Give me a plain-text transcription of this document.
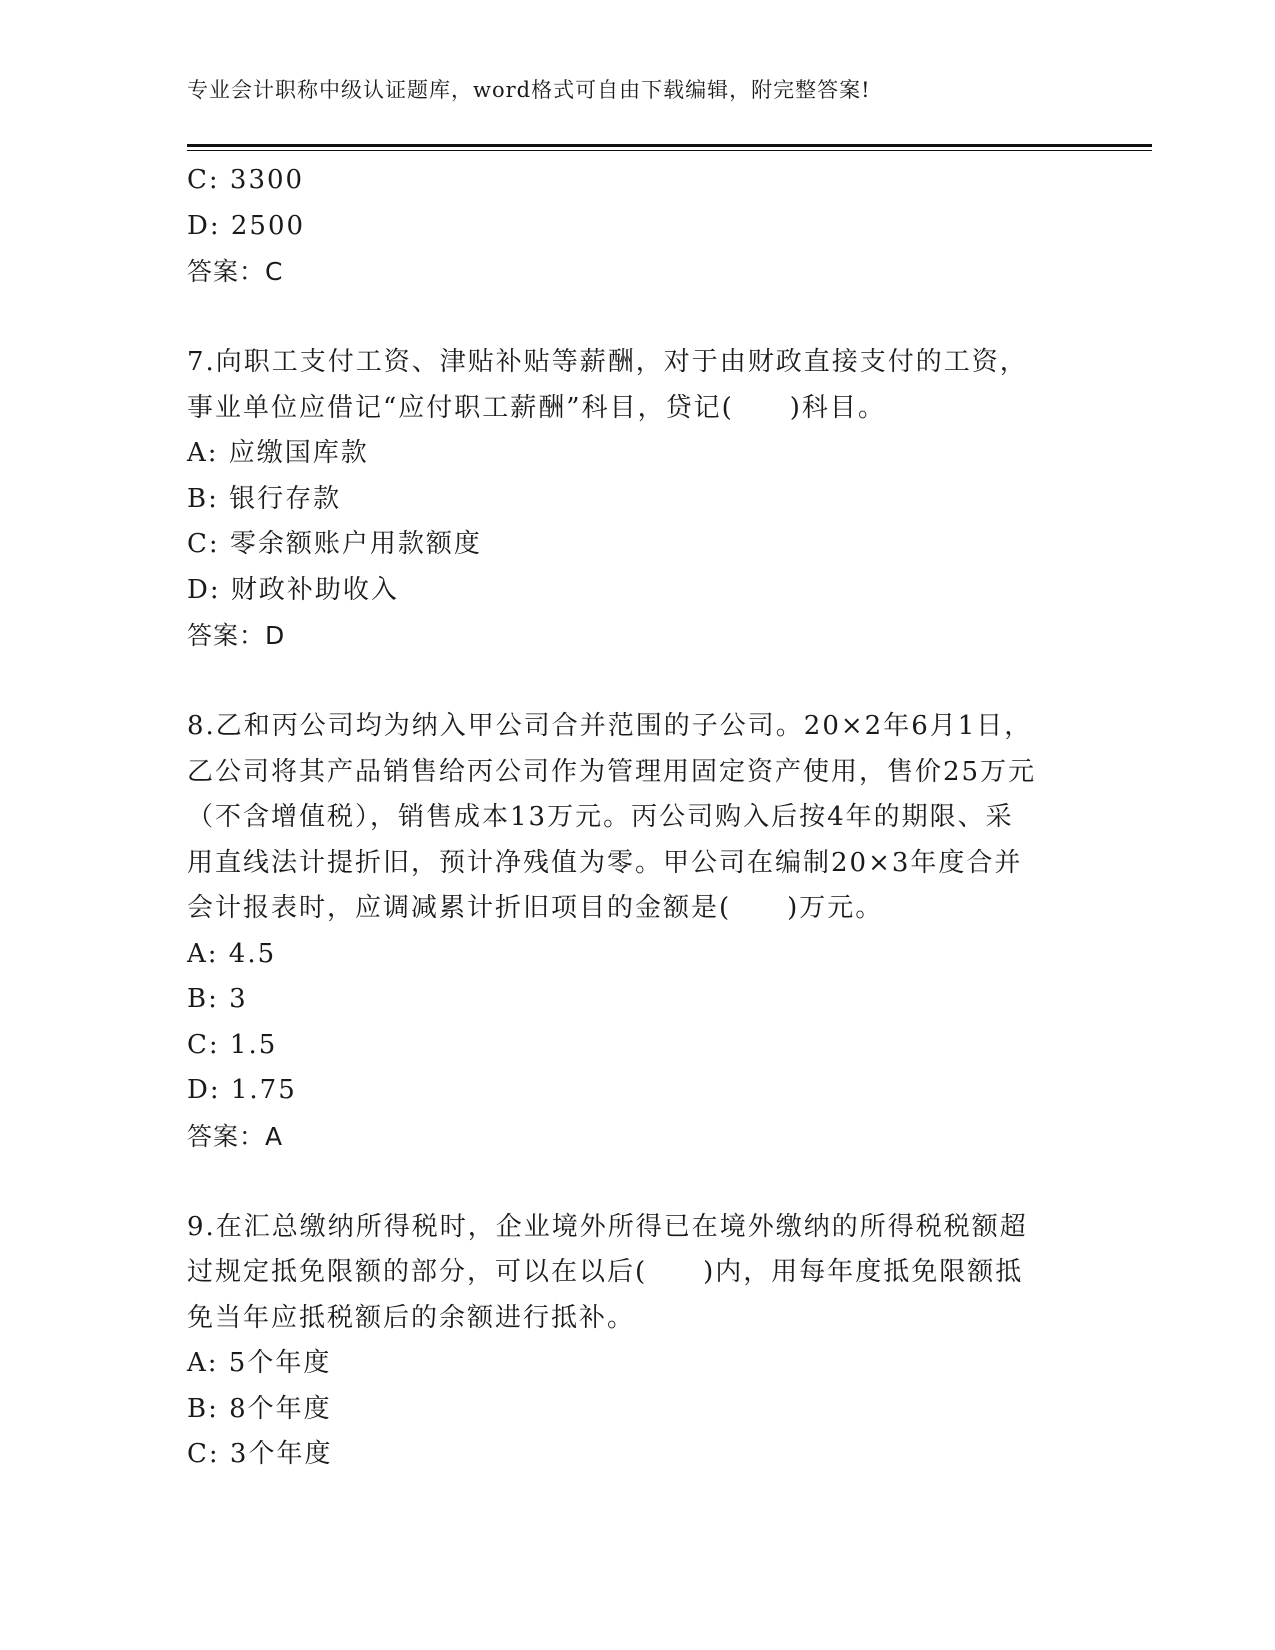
专业会计职称中级认证题库，word格式可自由下载编辑，附完整答案!
C: 3300
D: 2500
答案：C
7.向职工支付工资、津贴补贴等薪酬，对于由财政直接支付的工资，
事业单位应借记“应付职工薪酬”科目，贷记(　　)科目。
A: 应缴国库款
B: 银行存款
C: 零余额账户用款额度
D: 财政补助收入
答案：D
8.乙和丙公司均为纳入甲公司合并范围的子公司。20×2年6月1日，
乙公司将其产品销售给丙公司作为管理用固定资产使用，售价25万元
（不含增值税），销售成本13万元。丙公司购入后按4年的期限、采
用直线法计提折旧，预计净残值为零。甲公司在编制20×3年度合并
会计报表时，应调减累计折旧项目的金额是(　　)万元。
A: 4.5
B: 3
C: 1.5
D: 1.75
答案：A
9.在汇总缴纳所得税时，企业境外所得已在境外缴纳的所得税税额超
过规定抵免限额的部分，可以在以后(　　)内，用每年度抵免限额抵
免当年应抵税额后的余额进行抵补。
A: 5个年度
B: 8个年度
C: 3个年度
